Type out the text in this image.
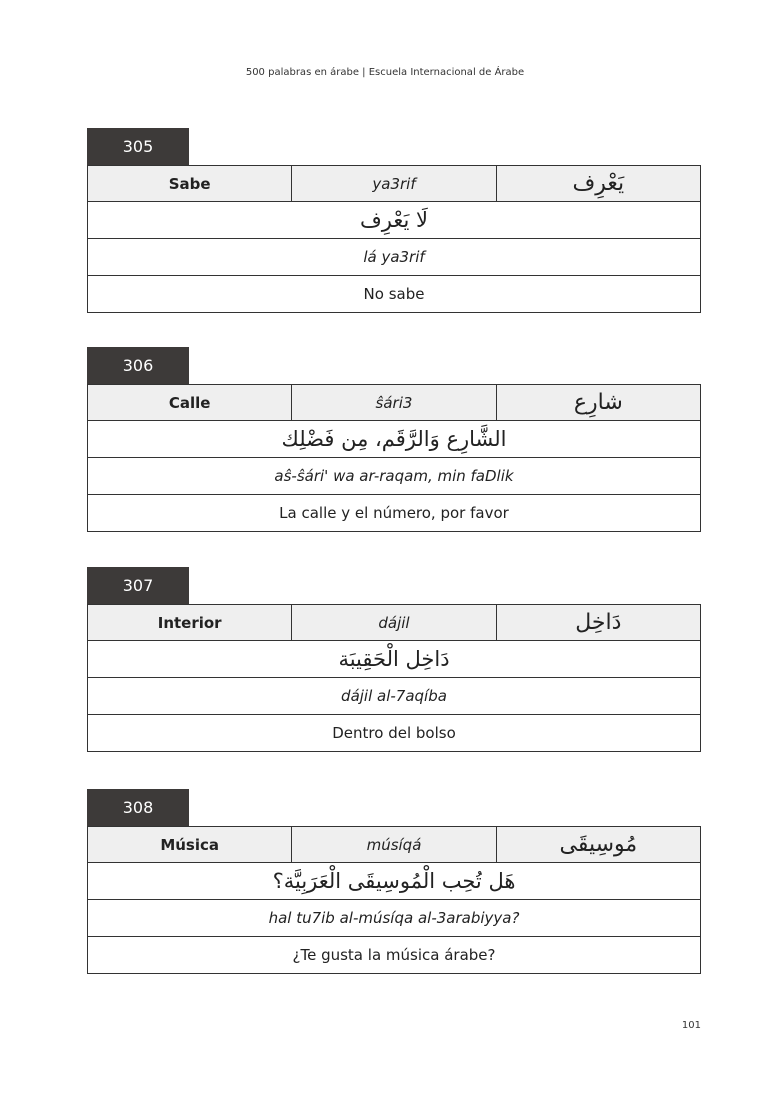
500 palabras en árabe | Escuela Internacional de Árabe
305
Sabe	ya3rif	يَعْرِف
لَا يَعْرِف
lá ya3rif
No sabe
306
Calle	ŝári3	شارِع
الشَّارِع وَالرَّقَم، مِن فَضْلِك
aŝ-ŝári' wa ar-raqam, min faDlik
La calle y el número, por favor
307
Interior	dájil	دَاخِل
دَاخِل الْحَقِيبَة
dájil al-7aqíba
Dentro del bolso
308
Música	músíqá	مُوسِيقَى
هَل تُحِب الْمُوسِيقَى الْعَرَبِيَّة؟
hal tu7ib al-músíqa al-3arabiyya?
¿Te gusta la música árabe?
101
